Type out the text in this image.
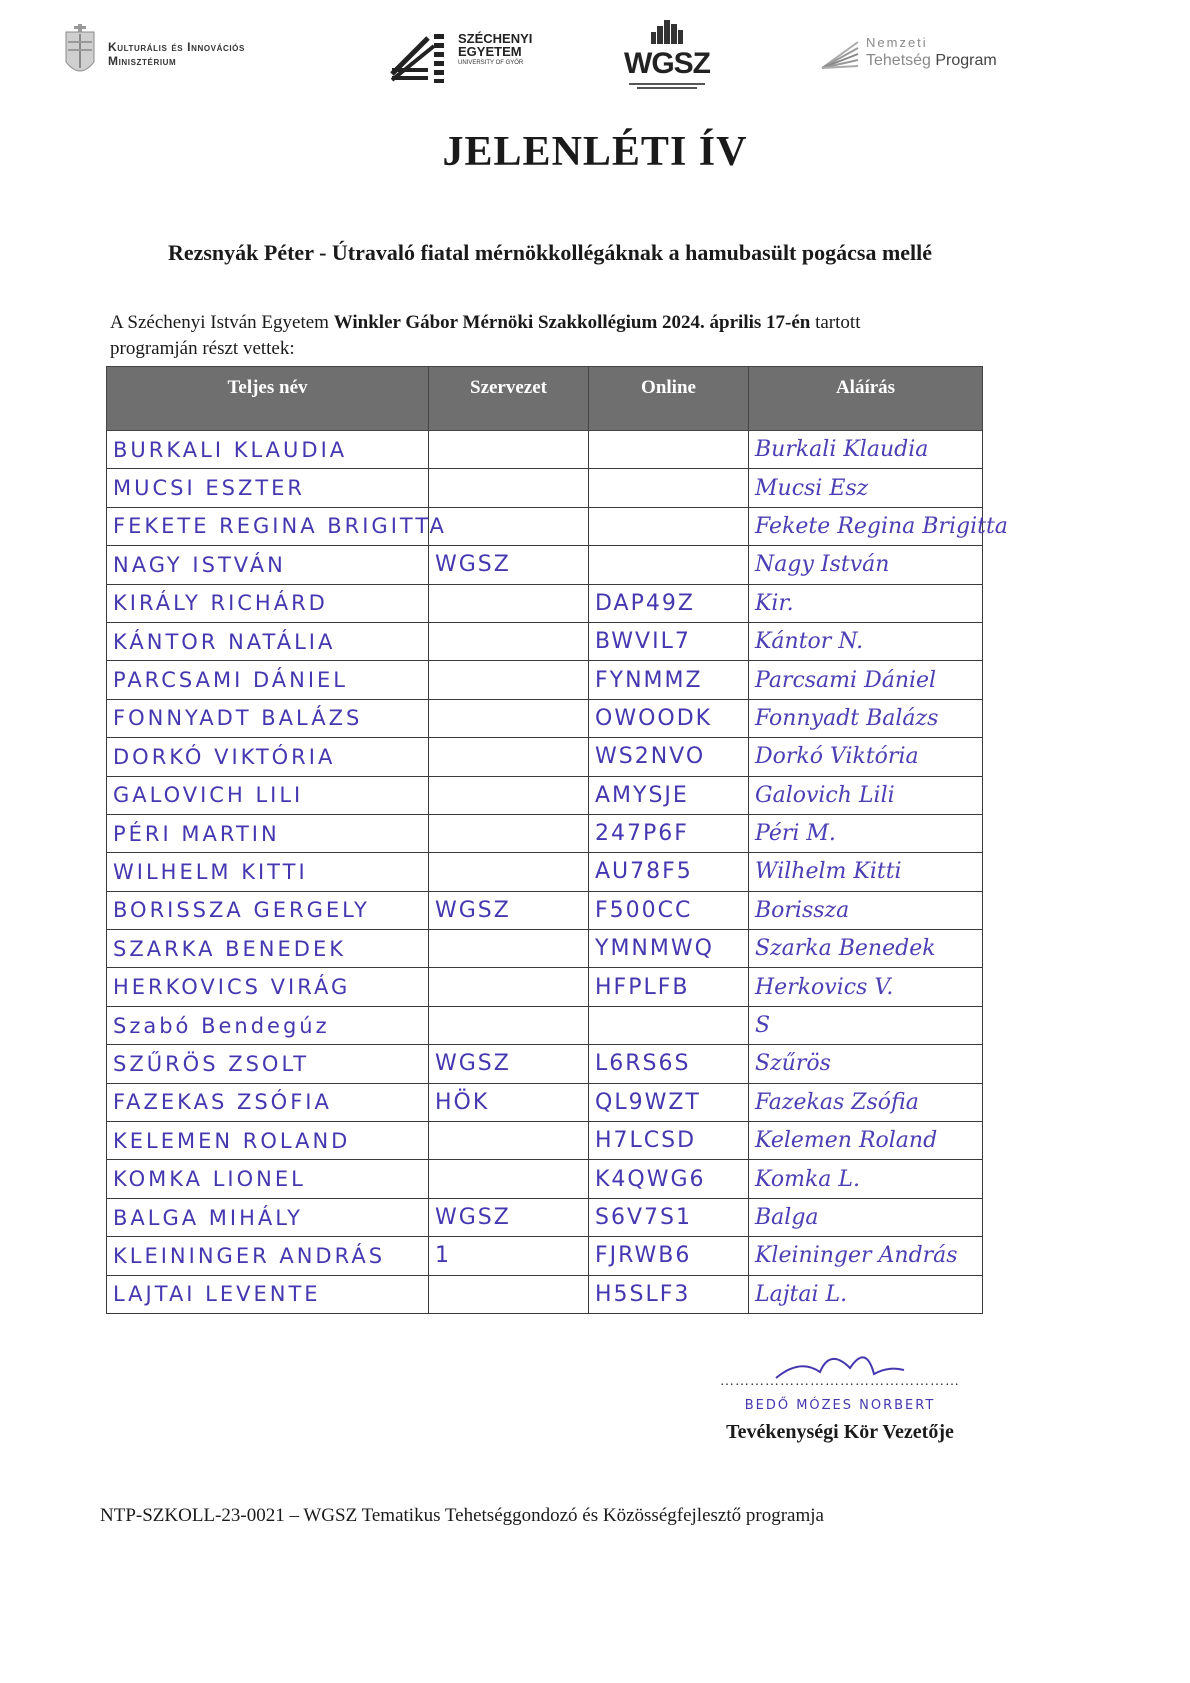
Kulturális és Innovációs
Minisztérium
SZÉCHENYI
EGYETEM
UNIVERSITY OF GYŐR	WGSZ
Nemzeti
Tehetség Program
JELENLÉTI ÍV
Rezsnyák Péter - Útravaló fiatal mérnökkollégáknak a hamubasült pogácsa mellé
A Széchenyi István Egyetem Winkler Gábor Mérnöki Szakkollégium 2024. április 17-én tartott programján részt vettek:
Teljes név	Szervezet	Online	Aláírás
BURKALI KLAUDIA			Burkali Klaudia
MUCSI ESZTER			Mucsi Esz
FEKETE REGINA BRIGITTA			Fekete Regina Brigitta
NAGY ISTVÁN	WGSZ		Nagy István
KIRÁLY RICHÁRD		DAP49Z	Kir.
KÁNTOR NATÁLIA		BWVIL7	Kántor N.
PARCSAMI DÁNIEL		FYNMMZ	Parcsami Dániel
FONNYADT BALÁZS		OWOODK	Fonnyadt Balázs
DORKÓ VIKTÓRIA		WS2NVO	Dorkó Viktória
GALOVICH LILI		AMYSJE	Galovich Lili
PÉRI MARTIN		247P6F	Péri M.
WILHELM KITTI		AU78F5	Wilhelm Kitti
BORISSZA GERGELY	WGSZ	F500CC	Borissza
SZARKA BENEDEK		YMNMWQ	Szarka Benedek
HERKOVICS VIRÁG		HFPLFB	Herkovics V.
Szabó Bendegúz			S
SZŰRÖS ZSOLT	WGSZ	L6RS6S	Szűrös
FAZEKAS ZSÓFIA	HÖK	QL9WZT	Fazekas Zsófia
KELEMEN ROLAND		H7LCSD	Kelemen Roland
KOMKA LIONEL		K4QWG6	Komka L.
BALGA MIHÁLY	WGSZ	S6V7S1	Balga
KLEININGER ANDRÁS	1	FJRWB6	Kleininger András
LAJTAI LEVENTE		H5SLF3	Lajtai L.
…………………………………………
BEDŐ MÓZES NORBERT
Tevékenységi Kör Vezetője
NTP-SZKOLL-23-0021 – WGSZ Tematikus Tehetséggondozó és Közösségfejlesztő programja
